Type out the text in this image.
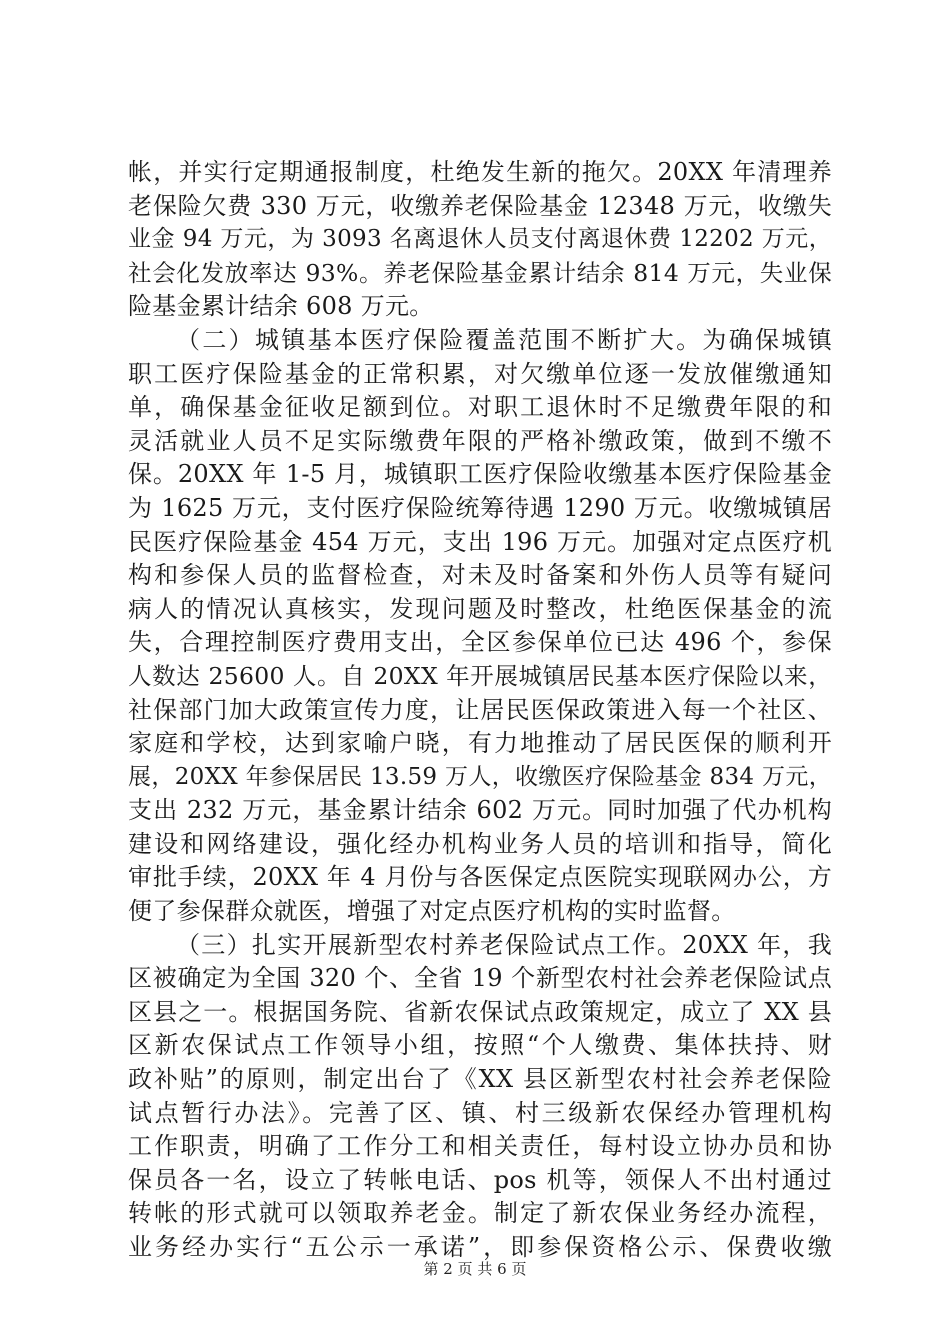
帐，并实行定期通报制度，杜绝发生新的拖欠。20XX 年清理养
老保险欠费 330 万元，收缴养老保险基金 12348 万元，收缴失
业金 94 万元，为 3093 名离退休人员支付离退休费 12202 万元，
社会化发放率达 93%。养老保险基金累计结余 814 万元，失业保
险基金累计结余 608 万元。
（二）城镇基本医疗保险覆盖范围不断扩大。为确保城镇
职工医疗保险基金的正常积累，对欠缴单位逐一发放催缴通知
单，确保基金征收足额到位。对职工退休时不足缴费年限的和
灵活就业人员不足实际缴费年限的严格补缴政策，做到不缴不
保。20XX 年 1-5 月，城镇职工医疗保险收缴基本医疗保险基金
为 1625 万元，支付医疗保险统筹待遇 1290 万元。收缴城镇居
民医疗保险基金 454 万元，支出 196 万元。加强对定点医疗机
构和参保人员的监督检查，对未及时备案和外伤人员等有疑问
病人的情况认真核实，发现问题及时整改，杜绝医保基金的流
失，合理控制医疗费用支出，全区参保单位已达 496 个，参保
人数达 25600 人。自 20XX 年开展城镇居民基本医疗保险以来，
社保部门加大政策宣传力度，让居民医保政策进入每一个社区、
家庭和学校，达到家喻户晓，有力地推动了居民医保的顺利开
展，20XX 年参保居民 13.59 万人，收缴医疗保险基金 834 万元，
支出 232 万元，基金累计结余 602 万元。同时加强了代办机构
建设和网络建设，强化经办机构业务人员的培训和指导，简化
审批手续，20XX 年 4 月份与各医保定点医院实现联网办公，方
便了参保群众就医，增强了对定点医疗机构的实时监督。
（三）扎实开展新型农村养老保险试点工作。20XX 年，我
区被确定为全国 320 个、全省 19 个新型农村社会养老保险试点
区县之一。根据国务院、省新农保试点政策规定，成立了 XX 县
区新农保试点工作领导小组，按照“个人缴费、集体扶持、财
政补贴”的原则，制定出台了《XX 县区新型农村社会养老保险
试点暂行办法》。完善了区、镇、村三级新农保经办管理机构
工作职责，明确了工作分工和相关责任，每村设立协办员和协
保员各一名，设立了转帐电话、pos 机等，领保人不出村通过
转帐的形式就可以领取养老金。制定了新农保业务经办流程，
业务经办实行“五公示一承诺”，即参保资格公示、保费收缴
第 2 页 共 6 页
